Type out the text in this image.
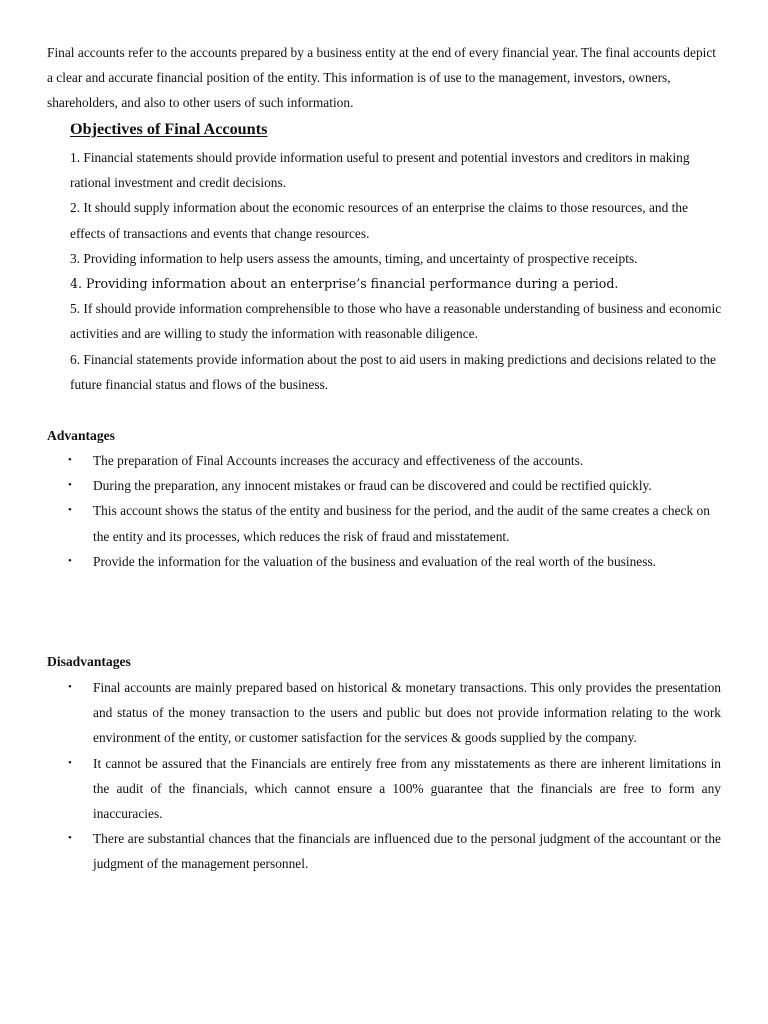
Final accounts refer to the accounts prepared by a business entity at the end of every financial year. The final accounts depict a clear and accurate financial position of the entity. This information is of use to the management, investors, owners, shareholders, and also to other users of such information.

Objectives of Final Accounts
1. Financial statements should provide information useful to present and potential investors and creditors in making rational investment and credit decisions.
2. It should supply information about the economic resources of an enterprise the claims to those resources, and the effects of transactions and events that change resources.
3. Providing information to help users assess the amounts, timing, and uncertainty of prospective receipts.
4. Providing information about an enterprise’s financial performance during a period.
5. If should provide information comprehensible to those who have a reasonable understanding of business and economic activities and are willing to study the information with reasonable diligence.
6. Financial statements provide information about the post to aid users in making predictions and decisions related to the future financial status and flows of the business.
Advantages
• The preparation of Final Accounts increases the accuracy and effectiveness of the accounts.
• During the preparation, any innocent mistakes or fraud can be discovered and could be rectified quickly.
• This account shows the status of the entity and business for the period, and the audit of the same creates a check on the entity and its processes, which reduces the risk of fraud and misstatement.
• Provide the information for the valuation of the business and evaluation of the real worth of the business.
Disadvantages
• Final accounts are mainly prepared based on historical & monetary transactions. This only provides the presentation and status of the money transaction to the users and public but does not provide information relating to the work environment of the entity, or customer satisfaction for the services & goods supplied by the company.
• It cannot be assured that the Financials are entirely free from any misstatements as there are inherent limitations in the audit of the financials, which cannot ensure a 100% guarantee that the financials are free to form any inaccuracies.
• There are substantial chances that the financials are influenced due to the personal judgment of the accountant or the judgment of the management personnel.
